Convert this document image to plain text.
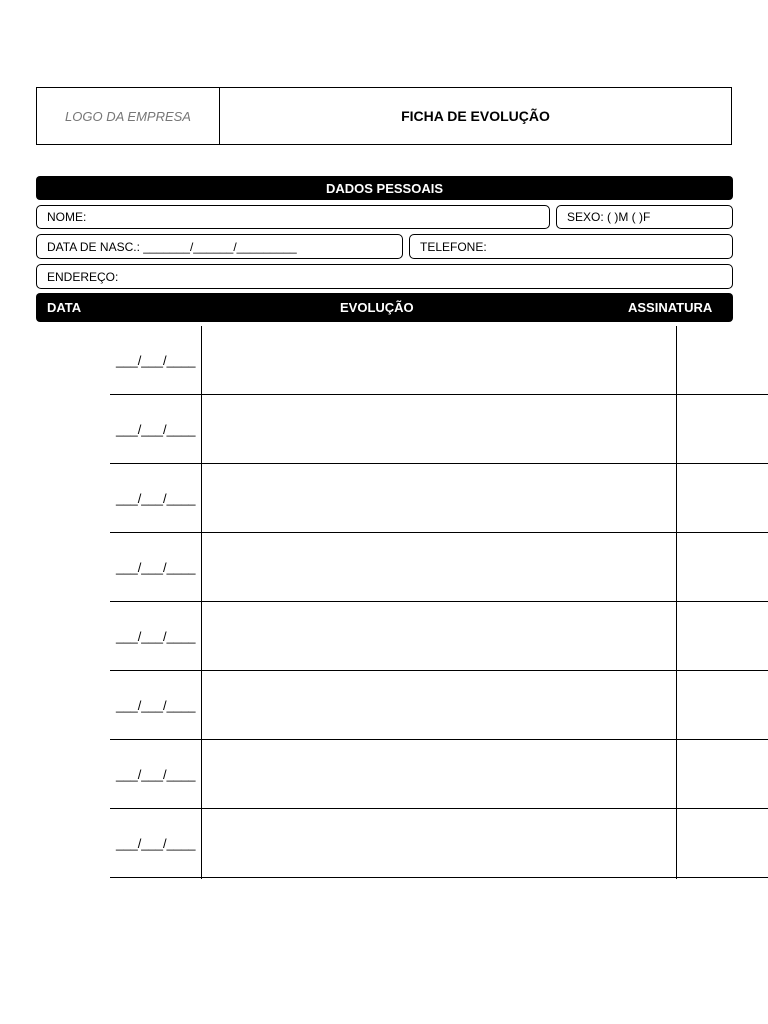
LOGO DA EMPRESA	FICHA DE EVOLUÇÃO
DADOS PESSOAIS
NOME:	SEXO: ( )M ( )F
DATA DE NASC.: _______/______/_________	TELEFONE:
ENDEREÇO:
DATA	EVOLUÇÃO	ASSINATURA
___/___/____
___/___/____
___/___/____
___/___/____
___/___/____
___/___/____
___/___/____
___/___/____
